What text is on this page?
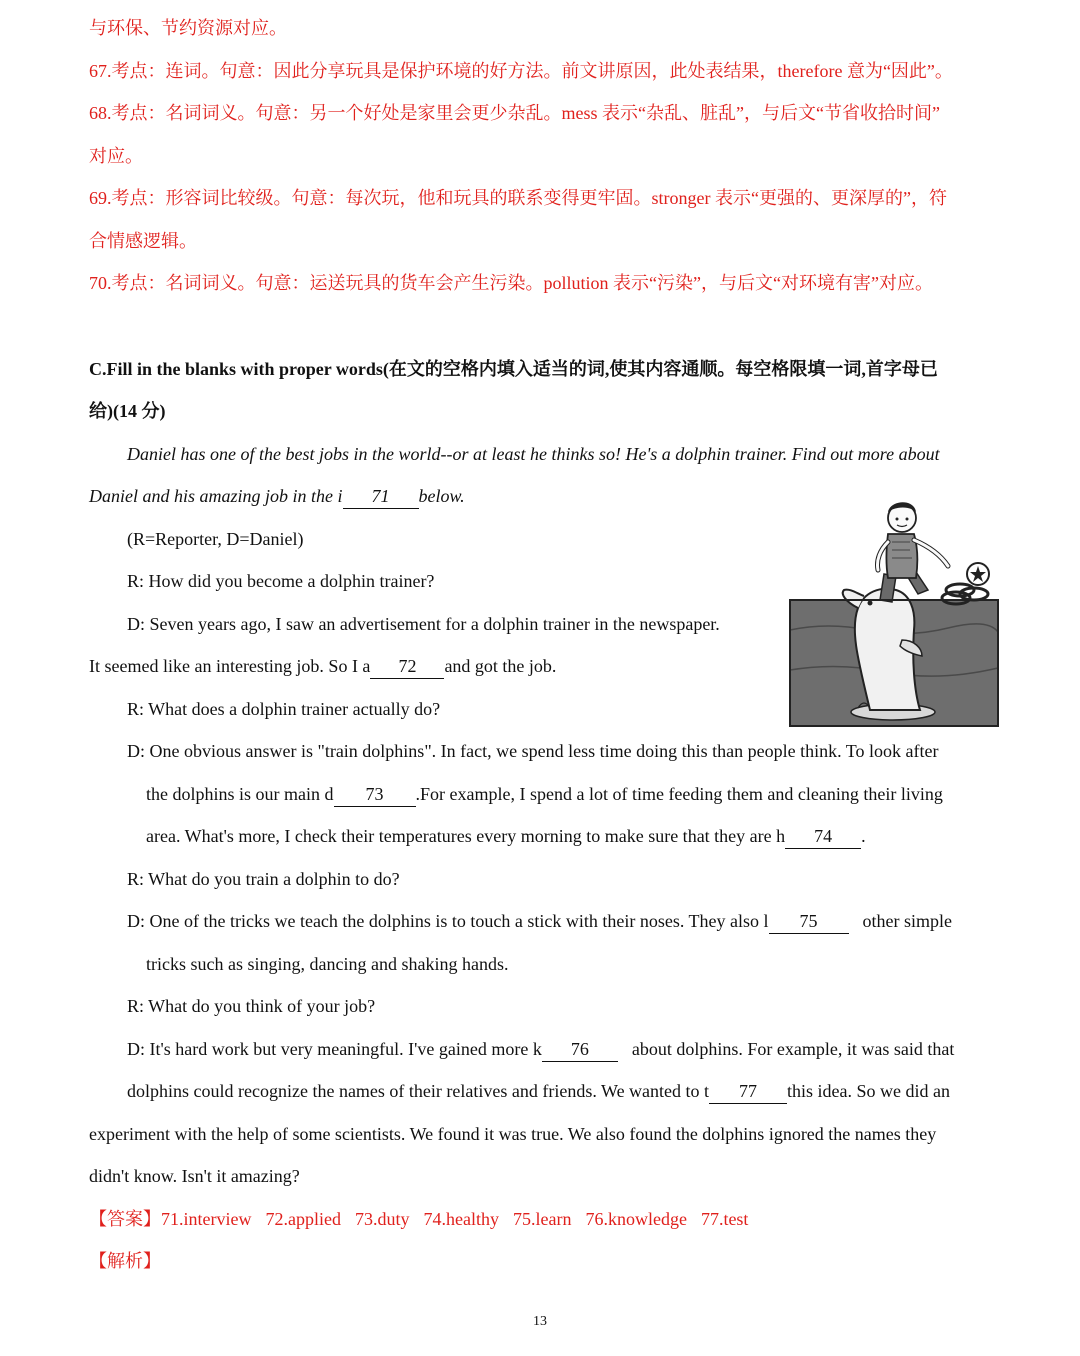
与环保、节约资源对应。
67.考点：连词。句意：因此分享玩具是保护环境的好方法。前文讲原因，此处表结果，therefore 意为“因此”。
68.考点：名词词义。句意：另一个好处是家里会更少杂乱。mess 表示“杂乱、脏乱”，与后文“节省收拾时间”
对应。
69.考点：形容词比较级。句意：每次玩，他和玩具的联系变得更牢固。stronger 表示“更强的、更深厚的”，符
合情感逻辑。
70.考点：名词词义。句意：运送玩具的货车会产生污染。pollution 表示“污染”，与后文“对环境有害”对应。
C.Fill in the blanks with proper words(在文的空格内填入适当的词,使其内容通顺。每空格限填一词,首字母已
给)(14 分)
Daniel has one of the best jobs in the world--or at least he thinks so! He's a dolphin trainer. Find out more about
Daniel and his amazing job in the i 71 below.
(R=Reporter, D=Daniel)
R: How did you become a dolphin trainer?
D: Seven years ago, I saw an advertisement for a dolphin trainer in the newspaper.
It seemed like an interesting job. So I a 72 and got the job.
R: What does a dolphin trainer actually do?
D: One obvious answer is "train dolphins". In fact, we spend less time doing this than people think. To look after
the dolphins is our main d 73 .For example, I spend a lot of time feeding them and cleaning their living
area. What's more, I check their temperatures every morning to make sure that they are h 74 .
R: What do you train a dolphin to do?
D: One of the tricks we teach the dolphins is to touch a stick with their noses. They also l 75	other simple
tricks such as singing, dancing and shaking hands.
R: What do you think of your job?
D: It's hard work but very meaningful. I've gained more k 76 about dolphins. For example, it was said that
dolphins could recognize the names of their relatives and friends. We wanted to t 77 this idea. So we did an
experiment with the help of some scientists. We found it was true. We also found the dolphins ignored the names they
didn't know. Isn't it amazing?
【答案】71.interview 72.applied 73.duty 74.healthy 75.learn 76.knowledge 77.test
【解析】
13
